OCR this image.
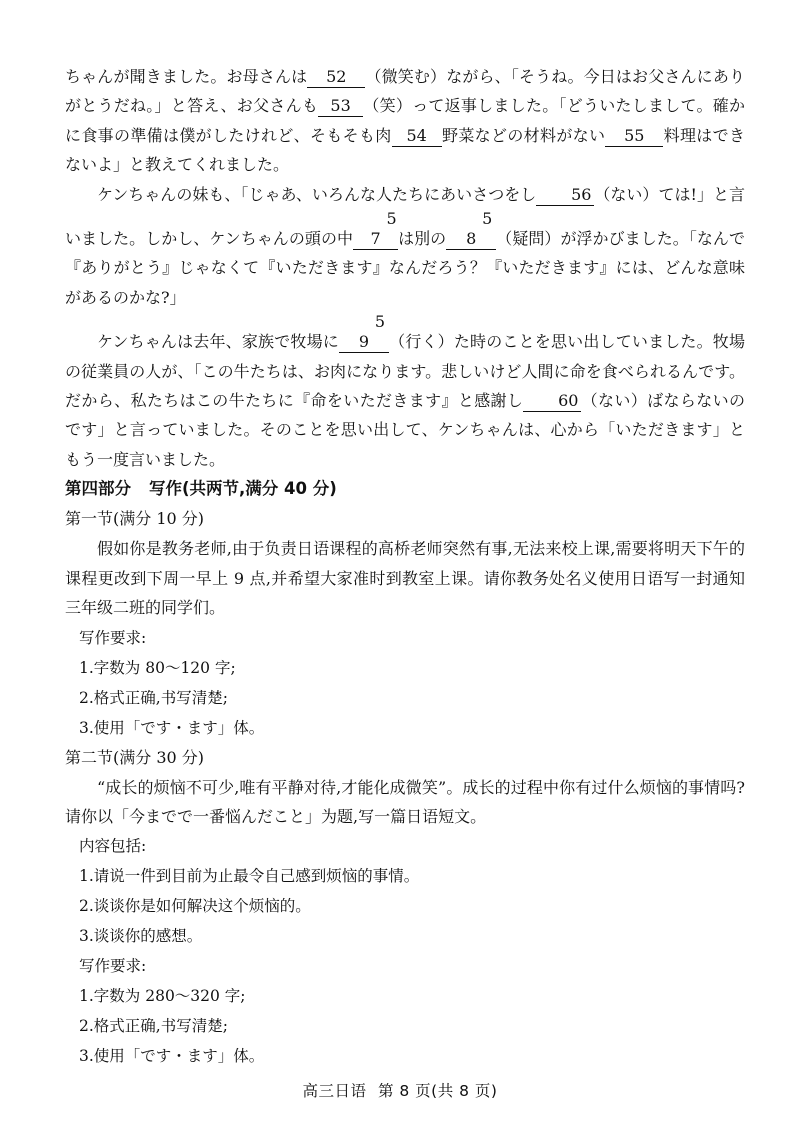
ちゃんが聞きました。お母さんは 52 （微笑む）ながら、「そうね。今日はお父さんにありがとうだね。」と答え、お父さんも 53 （笑）って返事しました。「どういたしまして。確かに食事の準備は僕がしたけれど、そもそも肉 54 野菜などの材料がない 55 料理はできないよ」と教えてくれました。

ケンちゃんの妹も、「じゃあ、いろんな人たちにあいさつをし 56 （ない）ては!」と言いました。しかし、ケンちゃんの頭の中57 は別の58 （疑問）が浮かびました。「なんで『ありがとう』じゃなくて『いただきます』なんだろう？『いただきます』には、どんな意味があるのかな?」

ケンちゃんは去年、家族で牧場に59 （行く）た時のことを思い出していました。牧場の従業員の人が、「この牛たちは、お肉になります。悲しいけど人間に命を食べられるんです。だから、私たちはこの牛たちに『命をいただきます』と感謝し 60 （ない）ばならないのです」と言っていました。そのことを思い出して、ケンちゃんは、心から「いただきます」ともう一度言いました。

第四部分 写作(共两节,满分 40 分)

第一节(满分 10 分)

假如你是教务老师,由于负责日语课程的高桥老师突然有事,无法来校上课,需要将明天下午的课程更改到下周一早上 9 点,并希望大家准时到教室上课。请你教务处名义使用日语写一封通知三年级二班的同学们。

写作要求:

1.字数为 80～120 字;

2.格式正确,书写清楚;

3.使用「です・ます」体。

第二节(满分 30 分)

“成长的烦恼不可少,唯有平静对待,才能化成微笑”。成长的过程中你有过什么烦恼的事情吗?请你以「今までで一番悩んだこと」为题,写一篇日语短文。

内容包括:

1.请说一件到目前为止最令自己感到烦恼的事情。

2.谈谈你是如何解决这个烦恼的。

3.谈谈你的感想。

写作要求:

1.字数为 280～320 字;

2.格式正确,书写清楚;

3.使用「です・ます」体。

高三日语 第 8 页(共 8 页)
